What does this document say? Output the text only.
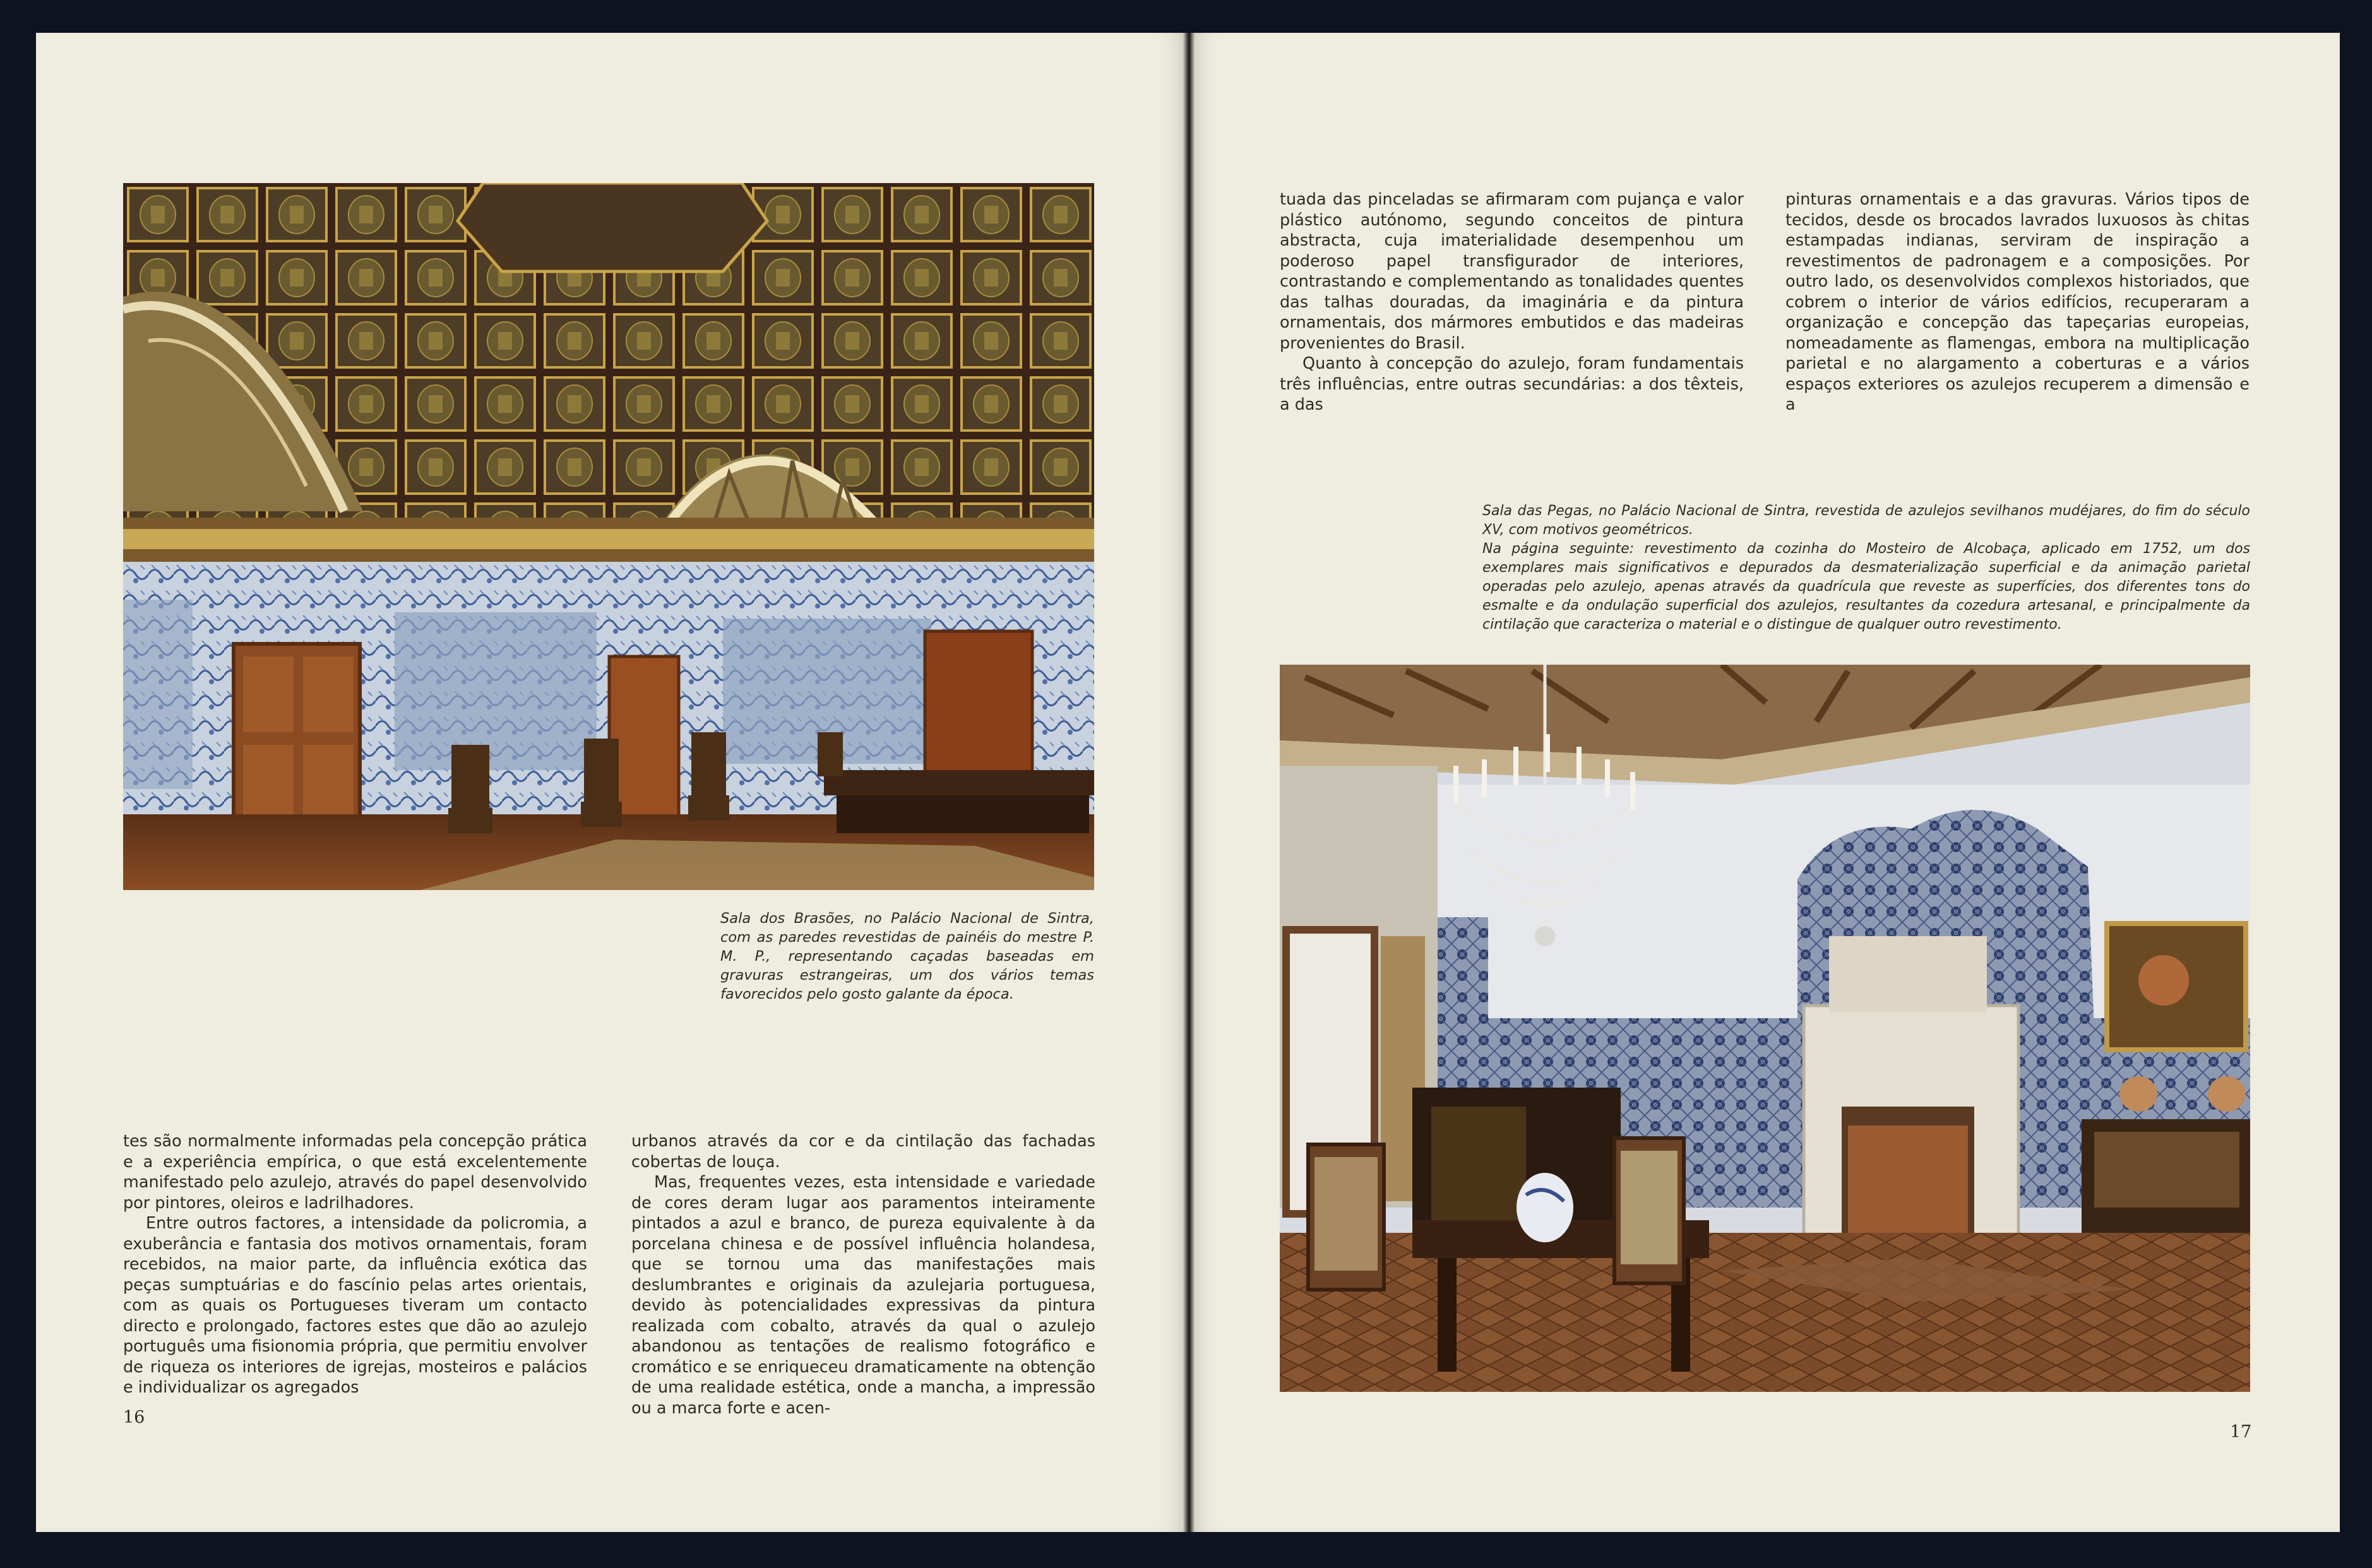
Sala dos Brasões, no Palácio Nacional de Sintra, com as paredes revestidas de painéis do mestre P. M. P., representando caçadas baseadas em gravuras estrangeiras, um dos vários temas favorecidos pelo gosto galante da época.

tes são normalmente informadas pela concepção prática e a experiência empírica, o que está excelentemente manifestado pelo azulejo, através do papel desenvolvido por pintores, oleiros e ladrilhadores.

Entre outros factores, a intensidade da policromia, a exuberância e fantasia dos motivos ornamentais, foram recebidos, na maior parte, da influência exótica das peças sumptuárias e do fascínio pelas artes orientais, com as quais os Portugueses tiveram um contacto directo e prolongado, factores estes que dão ao azulejo português uma fisionomia própria, que permitiu envolver de riqueza os interiores de igrejas, mosteiros e palácios e individualizar os agregados

urbanos através da cor e da cintilação das fachadas cobertas de louça.

Mas, frequentes vezes, esta intensidade e variedade de cores deram lugar aos paramentos inteiramente pintados a azul e branco, de pureza equivalente à da porcelana chinesa e de possível influência holandesa, que se tornou uma das manifestações mais deslumbrantes e originais da azulejaria portuguesa, devido às potencialidades expressivas da pintura realizada com cobalto, através da qual o azulejo abandonou as tentações de realismo fotográfico e cromático e se enriqueceu dramaticamente na obtenção de uma realidade estética, onde a mancha, a impressão ou a marca forte e acen-

16

tuada das pinceladas se afirmaram com pujança e valor plástico autónomo, segundo conceitos de pintura abstracta, cuja imaterialidade desempenhou um poderoso papel transfigurador de interiores, contrastando e complementando as tonalidades quentes das talhas douradas, da imaginária e da pintura ornamentais, dos mármores embutidos e das madeiras provenientes do Brasil.

Quanto à concepção do azulejo, foram fundamentais três influências, entre outras secundárias: a dos têxteis, a das

pinturas ornamentais e a das gravuras. Vários tipos de tecidos, desde os brocados lavrados luxuosos às chitas estampadas indianas, serviram de inspiração a revestimentos de padronagem e a composições. Por outro lado, os desenvolvidos complexos historiados, que cobrem o interior de vários edifícios, recuperaram a organização e concepção das tapeçarias europeias, nomeadamente as flamengas, embora na multiplicação parietal e no alargamento a coberturas e a vários espaços exteriores os azulejos recuperem a dimensão e a

Sala das Pegas, no Palácio Nacional de Sintra, revestida de azulejos sevilhanos mudéjares, do fim do século XV, com motivos geométricos.

Na página seguinte: revestimento da cozinha do Mosteiro de Alcobaça, aplicado em 1752, um dos exemplares mais significativos e depurados da desmaterialização superficial e da animação parietal operadas pelo azulejo, apenas através da quadrícula que reveste as superfícies, dos diferentes tons do esmalte e da ondulação superficial dos azulejos, resultantes da cozedura artesanal, e principalmente da cintilação que caracteriza o material e o distingue de qualquer outro revestimento.

17
